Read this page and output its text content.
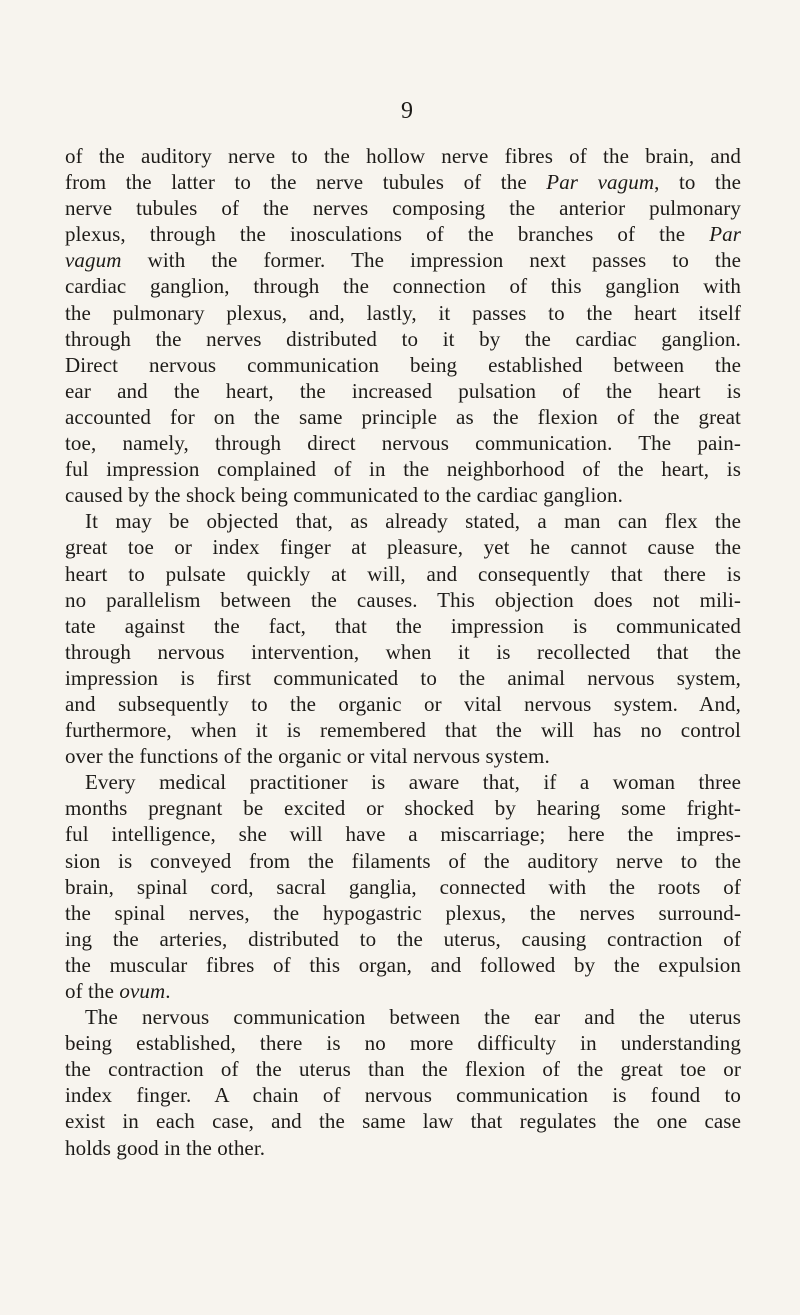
9
of the auditory nerve to the hollow nerve fibres of the brain, and
from the latter to the nerve tubules of the Par vagum, to the
nerve tubules of the nerves composing the anterior pulmonary
plexus, through the inosculations of the branches of the Par
vagum with the former. The impression next passes to the
cardiac ganglion, through the connection of this ganglion with
the pulmonary plexus, and, lastly, it passes to the heart itself
through the nerves distributed to it by the cardiac ganglion.
Direct nervous communication being established between the
ear and the heart, the increased pulsation of the heart is
accounted for on the same principle as the flexion of the great
toe, namely, through direct nervous communication. The pain-
ful impression complained of in the neighborhood of the heart, is
caused by the shock being communicated to the cardiac ganglion.
It may be objected that, as already stated, a man can flex the
great toe or index finger at pleasure, yet he cannot cause the
heart to pulsate quickly at will, and consequently that there is
no parallelism between the causes. This objection does not mili-
tate against the fact, that the impression is communicated
through nervous intervention, when it is recollected that the
impression is first communicated to the animal nervous system,
and subsequently to the organic or vital nervous system. And,
furthermore, when it is remembered that the will has no control
over the functions of the organic or vital nervous system.
Every medical practitioner is aware that, if a woman three
months pregnant be excited or shocked by hearing some fright-
ful intelligence, she will have a miscarriage; here the impres-
sion is conveyed from the filaments of the auditory nerve to the
brain, spinal cord, sacral ganglia, connected with the roots of
the spinal nerves, the hypogastric plexus, the nerves surround-
ing the arteries, distributed to the uterus, causing contraction of
the muscular fibres of this organ, and followed by the expulsion
of the ovum.
The nervous communication between the ear and the uterus
being established, there is no more difficulty in understanding
the contraction of the uterus than the flexion of the great toe or
index finger. A chain of nervous communication is found to
exist in each case, and the same law that regulates the one case
holds good in the other.
